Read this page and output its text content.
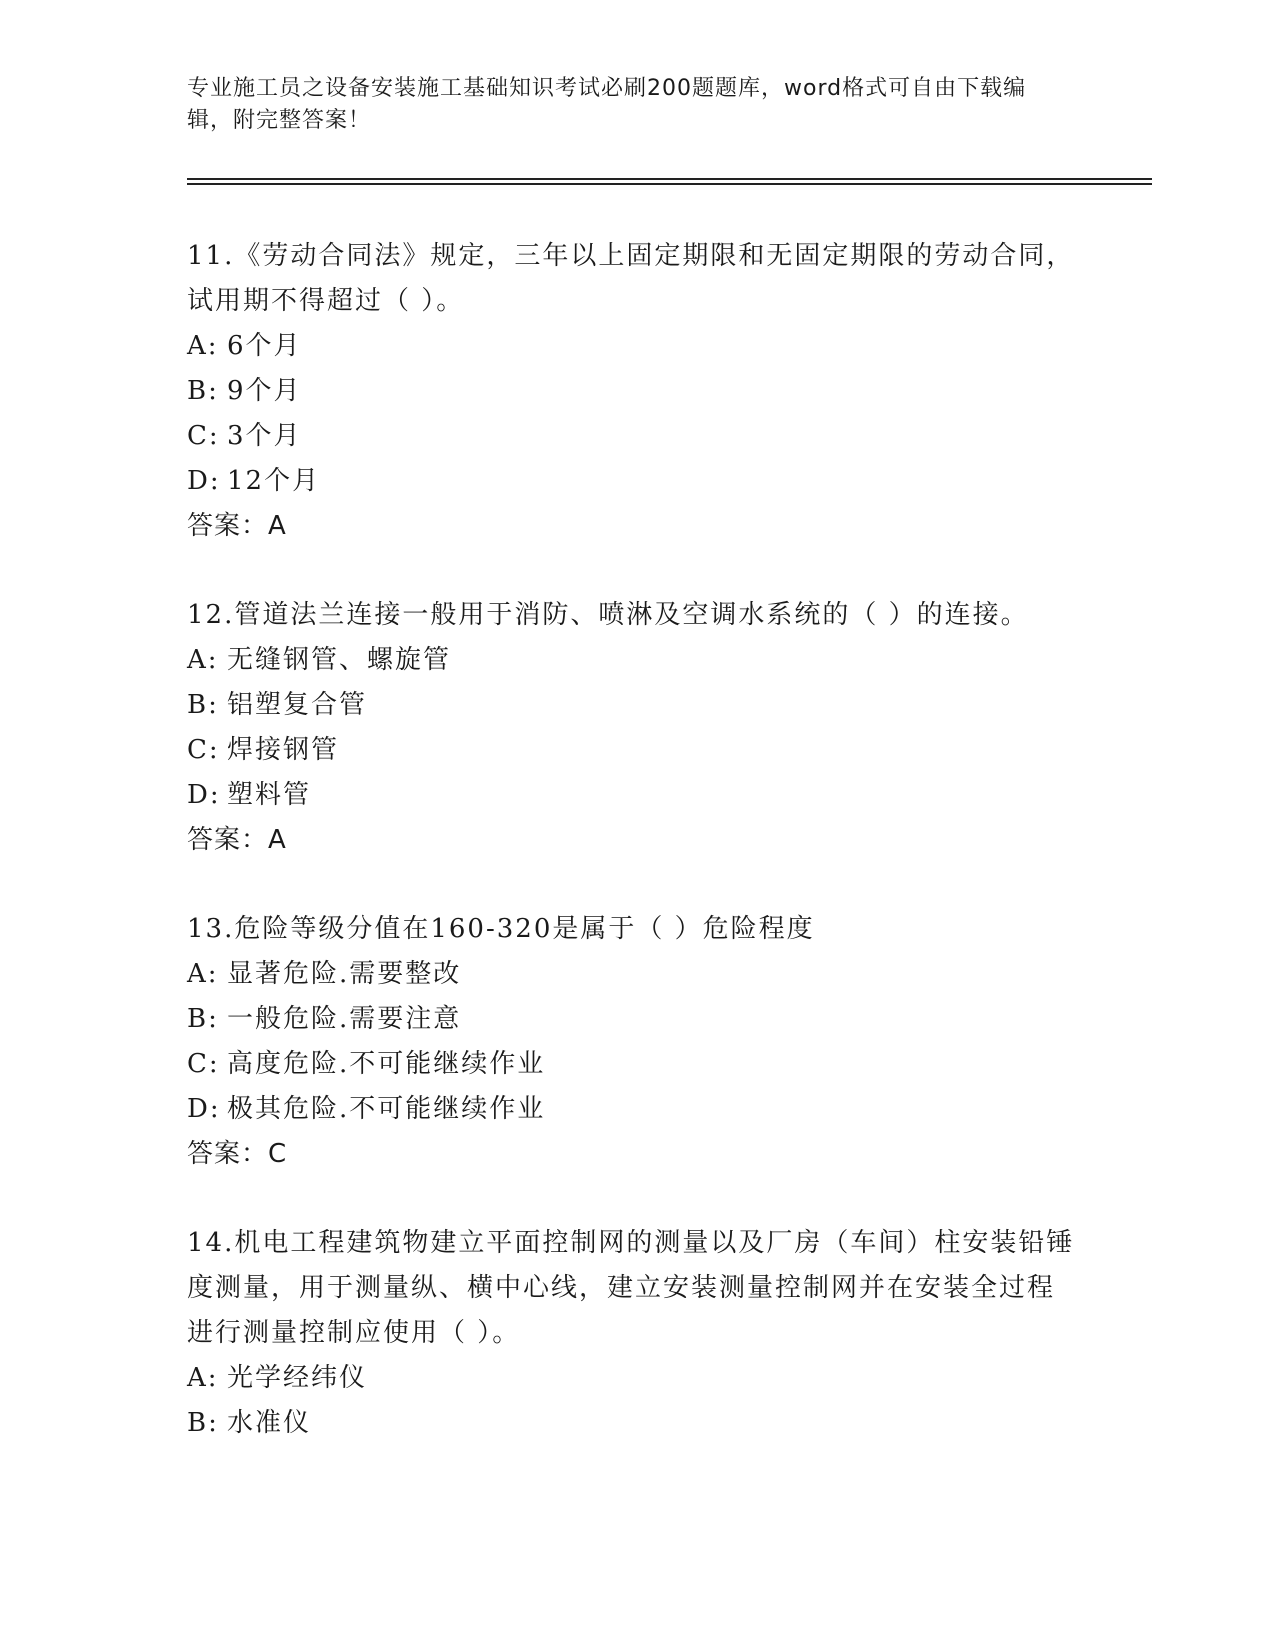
专业施工员之设备安装施工基础知识考试必刷200题题库，word格式可自由下载编辑，附完整答案！
11.《劳动合同法》规定，三年以上固定期限和无固定期限的劳动合同，试用期不得超过（ ）。
A: 6个月
B: 9个月
C: 3个月
D: 12个月
答案：A
12.管道法兰连接一般用于消防、喷淋及空调水系统的（ ）的连接。
A: 无缝钢管、螺旋管
B: 铝塑复合管
C: 焊接钢管
D: 塑料管
答案：A
13.危险等级分值在160-320是属于（ ）危险程度
A: 显著危险.需要整改
B: 一般危险.需要注意
C: 高度危险.不可能继续作业
D: 极其危险.不可能继续作业
答案：C
14.机电工程建筑物建立平面控制网的测量以及厂房（车间）柱安装铅锤度测量，用于测量纵、横中心线，建立安装测量控制网并在安装全过程进行测量控制应使用（ ）。
A: 光学经纬仪
B: 水准仪
